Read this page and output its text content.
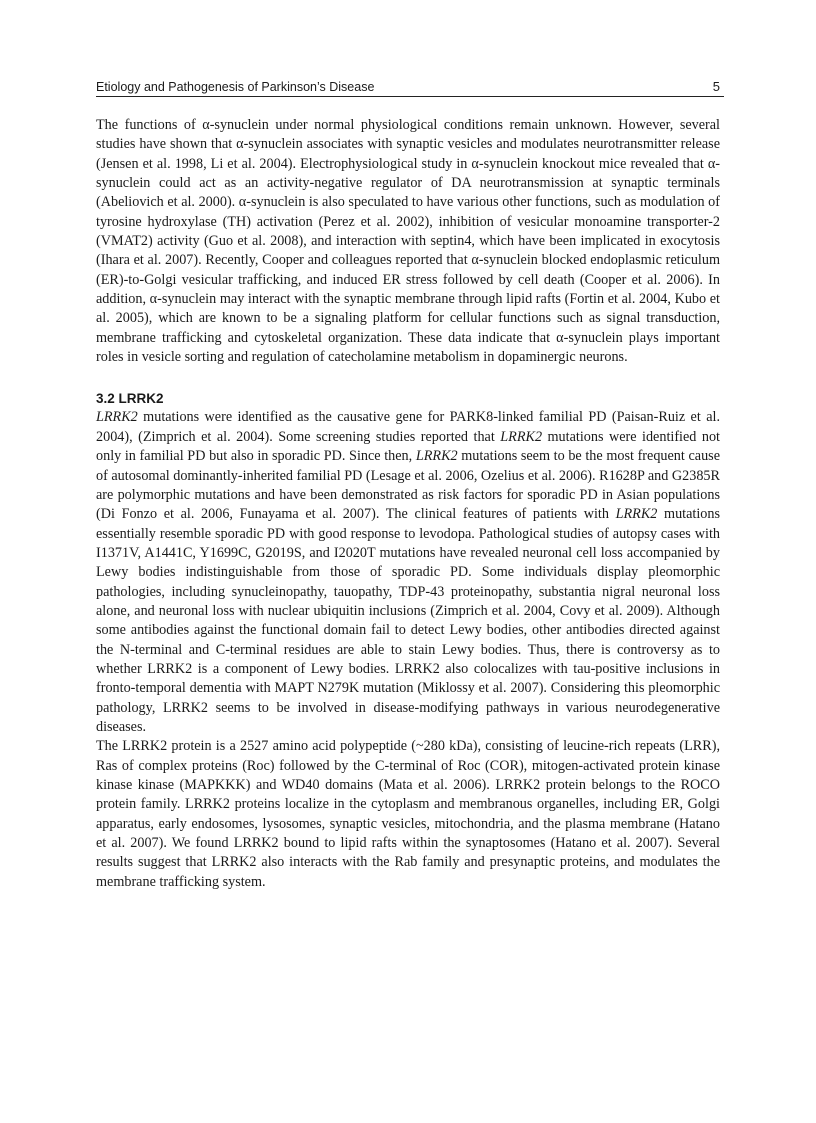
Etiology and Pathogenesis of Parkinson’s Disease	5

The functions of α-synuclein under normal physiological conditions remain unknown. However, several studies have shown that α-synuclein associates with synaptic vesicles and modulates neurotransmitter release (Jensen et al. 1998, Li et al. 2004). Electrophysiological study in α-synuclein knockout mice revealed that α-synuclein could act as an activity-negative regulator of DA neurotransmission at synaptic terminals (Abeliovich et al. 2000). α-synuclein is also speculated to have various other functions, such as modulation of tyrosine hydroxylase (TH) activation (Perez et al. 2002), inhibition of vesicular monoamine transporter-2 (VMAT2) activity (Guo et al. 2008), and interaction with septin4, which have been implicated in exocytosis (Ihara et al. 2007). Recently, Cooper and colleagues reported that α-synuclein blocked endoplasmic reticulum (ER)-to-Golgi vesicular trafficking, and induced ER stress followed by cell death (Cooper et al. 2006). In addition, α-synuclein may interact with the synaptic membrane through lipid rafts (Fortin et al. 2004, Kubo et al. 2005), which are known to be a signaling platform for cellular functions such as signal transduction, membrane trafficking and cytoskeletal organization. These data indicate that α-synuclein plays important roles in vesicle sorting and regulation of catecholamine metabolism in dopaminergic neurons.

3.2 LRRK2

LRRK2 mutations were identified as the causative gene for PARK8-linked familial PD (Paisan-Ruiz et al. 2004), (Zimprich et al. 2004). Some screening studies reported that LRRK2 mutations were identified not only in familial PD but also in sporadic PD. Since then, LRRK2 mutations seem to be the most frequent cause of autosomal dominantly-inherited familial PD (Lesage et al. 2006, Ozelius et al. 2006). R1628P and G2385R are polymorphic mutations and have been demonstrated as risk factors for sporadic PD in Asian populations (Di Fonzo et al. 2006, Funayama et al. 2007). The clinical features of patients with LRRK2 mutations essentially resemble sporadic PD with good response to levodopa. Pathological studies of autopsy cases with I1371V, A1441C, Y1699C, G2019S, and I2020T mutations have revealed neuronal cell loss accompanied by Lewy bodies indistinguishable from those of sporadic PD. Some individuals display pleomorphic pathologies, including synucleinopathy, tauopathy, TDP-43 proteinopathy, substantia nigral neuronal loss alone, and neuronal loss with nuclear ubiquitin inclusions (Zimprich et al. 2004, Covy et al. 2009). Although some antibodies against the functional domain fail to detect Lewy bodies, other antibodies directed against the N-terminal and C-terminal residues are able to stain Lewy bodies. Thus, there is controversy as to whether LRRK2 is a component of Lewy bodies. LRRK2 also colocalizes with tau-positive inclusions in fronto-temporal dementia with MAPT N279K mutation (Miklossy et al. 2007). Considering this pleomorphic pathology, LRRK2 seems to be involved in disease-modifying pathways in various neurodegenerative diseases.

The LRRK2 protein is a 2527 amino acid polypeptide (~280 kDa), consisting of leucine-rich repeats (LRR), Ras of complex proteins (Roc) followed by the C-terminal of Roc (COR), mitogen-activated protein kinase kinase kinase (MAPKKK) and WD40 domains (Mata et al. 2006). LRRK2 protein belongs to the ROCO protein family. LRRK2 proteins localize in the cytoplasm and membranous organelles, including ER, Golgi apparatus, early endosomes, lysosomes, synaptic vesicles, mitochondria, and the plasma membrane (Hatano et al. 2007). We found LRRK2 bound to lipid rafts within the synaptosomes (Hatano et al. 2007). Several results suggest that LRRK2 also interacts with the Rab family and presynaptic proteins, and modulates the membrane trafficking system.
